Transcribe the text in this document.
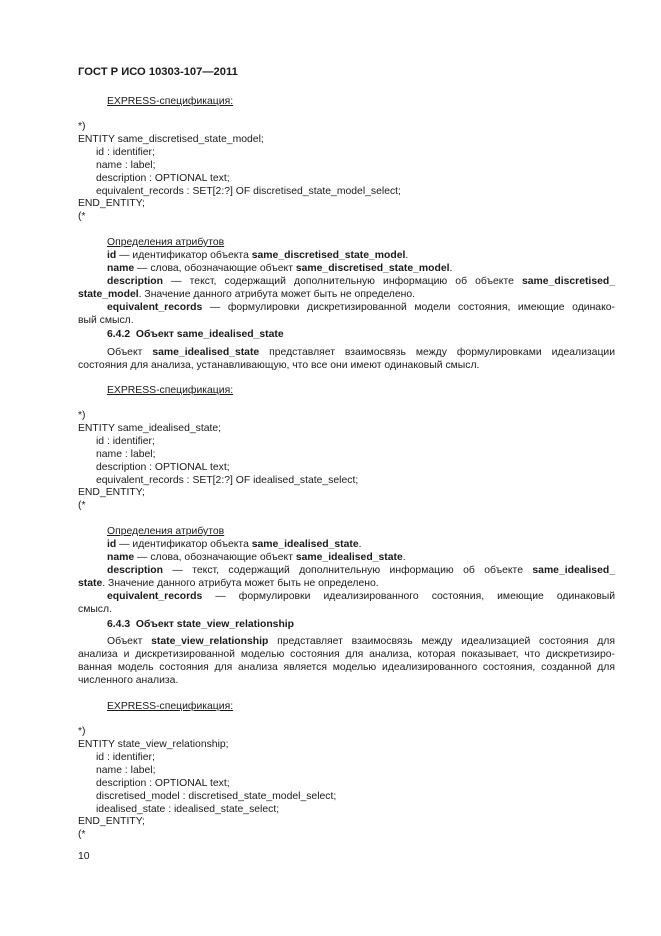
ГОСТ Р ИСО 10303-107—2011
EXPRESS-спецификация:
*)
ENTITY same_discretised_state_model;
id : identifier;
name : label;
description : OPTIONAL text;
equivalent_records : SET[2:?] OF discretised_state_model_select;
END_ENTITY;
(*
Определения атрибутов
id — идентификатор объекта same_discretised_state_model.
name — слова, обозначающие объект same_discretised_state_model.
description — текст, содержащий дополнительную информацию об объекте same_discretised_
state_model. Значение данного атрибута может быть не определено.
equivalent_records — формулировки дискретизированной модели состояния, имеющие одинако-
вый смысл.
6.4.2 Объект same_idealised_state
Объект same_idealised_state представляет взаимосвязь между формулировками идеализации
состояния для анализа, устанавливающую, что все они имеют одинаковый смысл.
EXPRESS-спецификация:
*)
ENTITY same_idealised_state;
id : identifier;
name : label;
description : OPTIONAL text;
equivalent_records : SET[2:?] OF idealised_state_select;
END_ENTITY;
(*
Определения атрибутов
id — идентификатор объекта same_idealised_state.
name — слова, обозначающие объект same_idealised_state.
description — текст, содержащий дополнительную информацию об объекте same_idealised_
state. Значение данного атрибута может быть не определено.
equivalent_records — формулировки идеализированного состояния, имеющие одинаковый
смысл.
6.4.3 Объект state_view_relationship
Объект state_view_relationship представляет взаимосвязь между идеализацией состояния для
анализа и дискретизированной моделью состояния для анализа, которая показывает, что дискретизиро-
ванная модель состояния для анализа является моделью идеализированного состояния, созданной для
численного анализа.
EXPRESS-спецификация:
*)
ENTITY state_view_relationship;
id : identifier;
name : label;
description : OPTIONAL text;
discretised_model : discretised_state_model_select;
idealised_state : idealised_state_select;
END_ENTITY;
(*
10
